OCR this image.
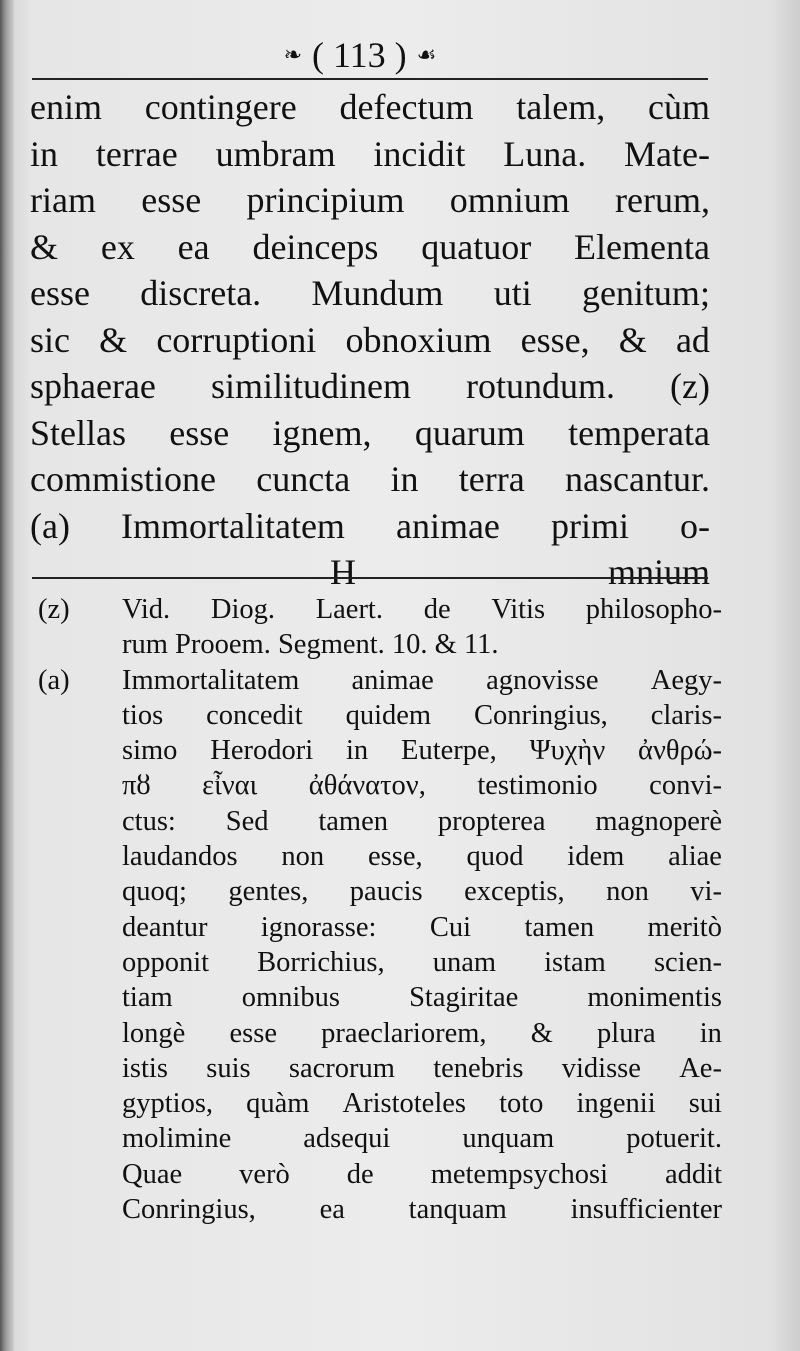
❧ ( 113 ) ☙
enim contingere defectum talem, cùm
in terrae umbram incidit Luna. Mate-
riam esse principium omnium rerum,
& ex ea deinceps quatuor Elementa
esse discreta. Mundum uti genitum;
sic & corruptioni obnoxium esse, & ad
sphaerae similitudinem rotundum. (z)
Stellas esse ignem, quarum temperata
commistione cuncta in terra nascantur.
(a) Immortalitatem animae primi o-
H	mnium
(z) Vid. Diog. Laert. de Vitis philosopho-
rum Prooem. Segment. 10. & 11.
(a) Immortalitatem animae agnovisse Aegy-
tios concedit quidem Conringius, claris-
simo Herodori in Euterpe, Ψυχὴν ἀνθρώ-
πȣ εἶναι ἀθάνατον, testimonio convi-
ctus: Sed tamen propterea magnoperè
laudandos non esse, quod idem aliae
quoq; gentes, paucis exceptis, non vi-
deantur ignorasse: Cui tamen meritò
opponit Borrichius, unam istam scien-
tiam omnibus Stagiritae monimentis
longè esse praeclariorem, & plura in
istis suis sacrorum tenebris vidisse Ae-
gyptios, quàm Aristoteles toto ingenii sui
molimine	adsequi	unquam	potuerit.
Quae verò de metempsychosi addit
Conringius, ea tanquam insufficienter
